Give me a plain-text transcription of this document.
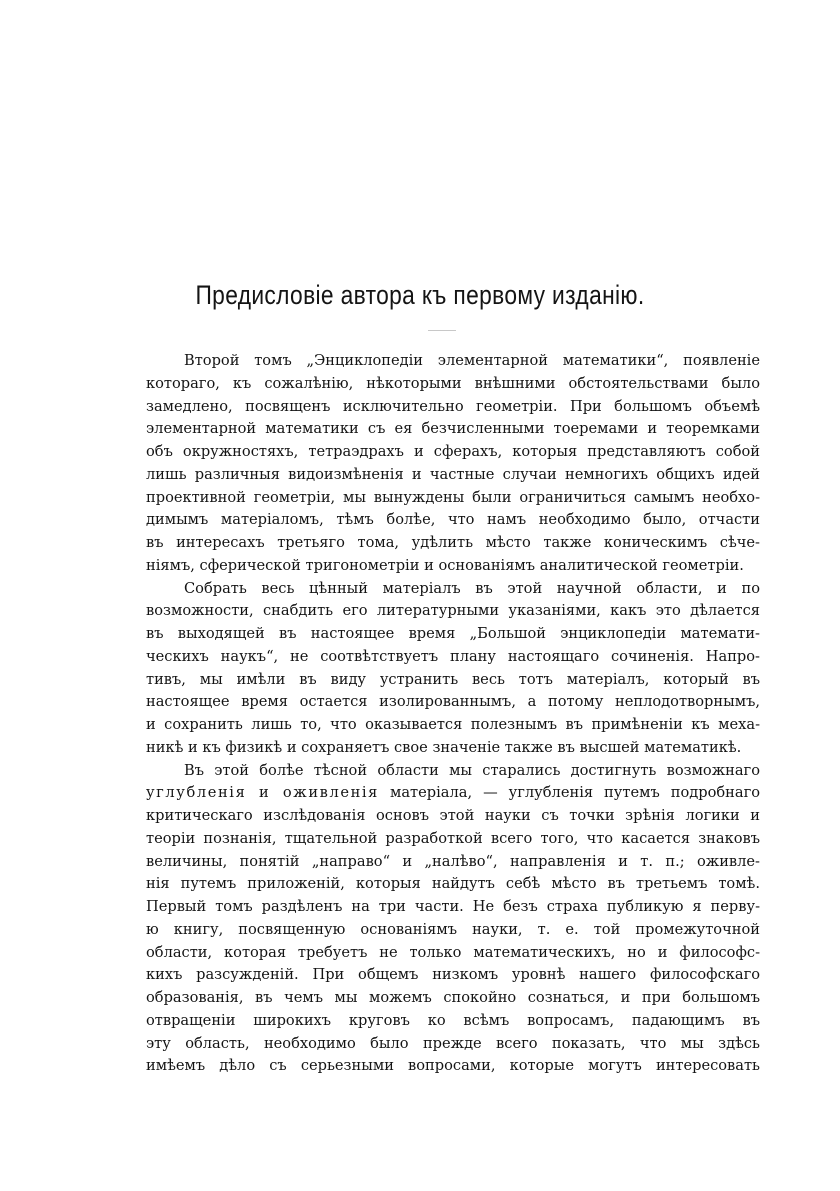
Предисловіе автора къ первому изданію.
Второй томъ „Энциклопедіи элементарной математики“, появленіе
котораго, къ сожалѣнію, нѣкоторыми внѣшними обстоятельствами было
замедлено, посвященъ исключительно геометріи. При большомъ объемѣ
элементарной математики съ ея безчисленными тоеремами и теоремками
объ окружностяхъ, тетраэдрахъ и сферахъ, которыя представляютъ собой
лишь различныя видоизмѣненія и частные случаи немногихъ общихъ идей
проективной геометріи, мы вынуждены были ограничиться самымъ необхо-
димымъ матеріаломъ, тѣмъ болѣе, что намъ необходимо было, отчасти
въ интересахъ третьяго тома, удѣлить мѣсто также коническимъ сѣче-
ніямъ, сферической тригонометріи и основаніямъ аналитической геометріи.
Собрать весь цѣнный матеріалъ въ этой научной области, и по
возможности, снабдить его литературными указаніями, какъ это дѣлается
въ выходящей въ настоящее время „Большой энциклопедіи математи-
ческихъ наукъ“, не соотвѣтствуетъ плану настоящаго сочиненія. Напро-
тивъ, мы имѣли въ виду устранить весь тотъ матеріалъ, который въ
настоящее время остается изолированнымъ, а потому неплодотворнымъ,
и сохранить лишь то, что оказывается полезнымъ въ примѣненіи къ меха-
никѣ и къ физикѣ и сохраняетъ свое значеніе также въ высшей математикѣ.
Въ этой болѣе тѣсной области мы старались достигнуть возможнаго
углубленія и оживленія матеріала, — углубленія путемъ подробнаго
критическаго изслѣдованія основъ этой науки съ точки зрѣнія логики и
теоріи познанія, тщательной разработкой всего того, что касается знаковъ
величины, понятій „направо“ и „налѣво“, направленія и т. п.; оживле-
нія путемъ приложеній, которыя найдутъ себѣ мѣсто въ третьемъ томѣ.
Первый томъ раздѣленъ на три части. Не безъ страха публикую я перву-
ю книгу, посвященную основаніямъ науки, т. е. той промежуточной
области, которая требуетъ не только математическихъ, но и философс-
кихъ разсужденій. При общемъ низкомъ уровнѣ нашего философскаго
образованія, въ чемъ мы можемъ спокойно сознаться, и при большомъ
отвращеніи широкихъ круговъ ко всѣмъ вопросамъ, падающимъ въ
эту область, необходимо было прежде всего показать, что мы здѣсь
имѣемъ дѣло съ серьезными вопросами, которые могутъ интересовать
